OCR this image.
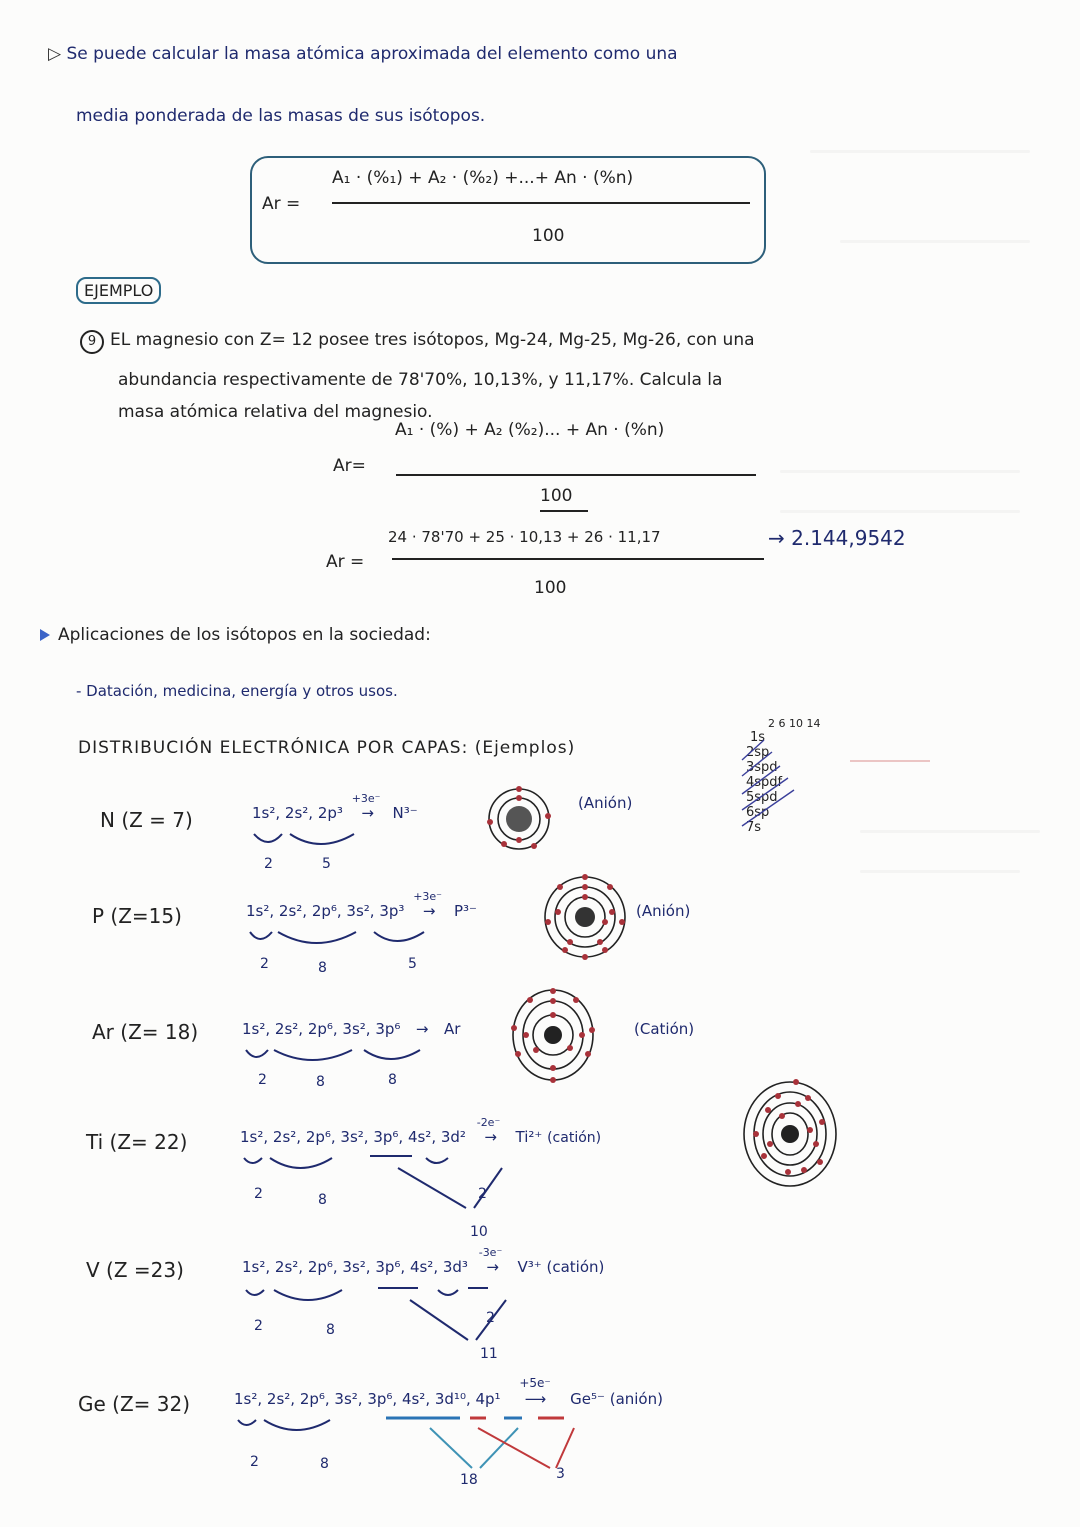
▷ Se puede calcular la masa atómica aproximada del elemento como una
media ponderada de las masas de sus isótopos.
Ar =
A₁ · (%₁) + A₂ · (%₂) +...+ An · (%n)
100
EJEMPLO
9 EL magnesio con Z= 12 posee tres isótopos, Mg-24, Mg-25, Mg-26, con una
abundancia respectivamente de 78'70%, 10,13%, y 11,17%. Calcula la
masa atómica relativa del magnesio.
Ar=
A₁ · (%) + A₂ (%₂)... + An · (%n)
100
Ar =
24 · 78'70 + 25 · 10,13 + 26 · 11,17
100
→ 2.144,9542
Aplicaciones de los isótopos en la sociedad:
- Datación, medicina, energía y otros usos.
DISTRIBUCIÓN ELECTRÓNICA POR CAPAS: (Ejemplos)
2 6 10 14
1s
2sp
3spd
4spdf
5spd
6sp
7s
N (Z = 7)	1s², 2s², 2p³
+3e⁻
→ N³⁻
(Anión)
2	5
P (Z=15)	1s², 2s², 2p⁶, 3s², 3p³
+3e⁻
→ P³⁻	(Anión)
2	8	5
Ar (Z= 18)	1s², 2s², 2p⁶, 3s², 3p⁶ → Ar	(Catión)
2	8	8
Ti (Z= 22)	1s², 2s², 2p⁶, 3s², 3p⁶, 4s², 3d²
-2e⁻
→ Ti²⁺ (catión)
2	8	2
10
V (Z =23)	1s², 2s², 2p⁶, 3s², 3p⁶, 4s², 3d³
-3e⁻
→ V³⁺ (catión)
2	8
2
11
Ge (Z= 32)	1s², 2s², 2p⁶, 3s², 3p⁶, 4s², 3d¹⁰, 4p¹
+5e⁻
⟶ Ge⁵⁻ (anión)
2	8
18	3
